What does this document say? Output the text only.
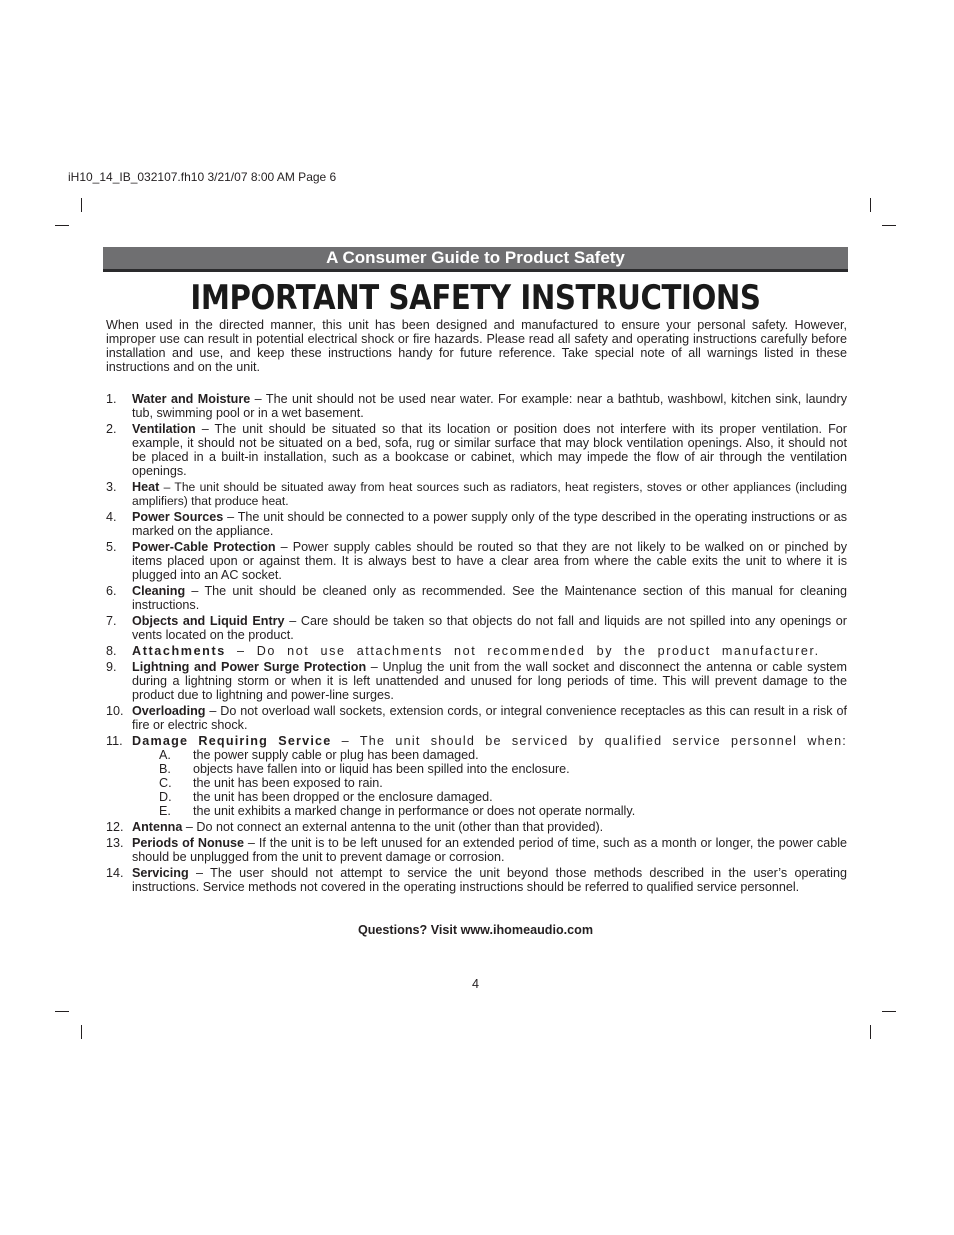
iH10_14_IB_032107.fh10 3/21/07 8:00 AM Page 6
A Consumer Guide to Product Safety
IMPORTANT SAFETY INSTRUCTIONS
When used in the directed manner, this unit has been designed and manufactured to ensure your personal safety. However, improper use can result in potential electrical shock or fire hazards. Please read all safety and operating instructions carefully before installation and use, and keep these instructions handy for future reference. Take special note of all warnings listed in these instructions and on the unit.
1. Water and Moisture – The unit should not be used near water. For example: near a bathtub, washbowl, kitchen sink, laundry tub, swimming pool or in a wet basement.
2. Ventilation – The unit should be situated so that its location or position does not interfere with its proper ventilation. For example, it should not be situated on a bed, sofa, rug or similar surface that may block ventilation openings. Also, it should not be placed in a built-in installation, such as a bookcase or cabinet, which may impede the flow of air through the ventilation openings.
3. Heat – The unit should be situated away from heat sources such as radiators, heat registers, stoves or other appliances (including amplifiers) that produce heat.
4. Power Sources – The unit should be connected to a power supply only of the type described in the operating instructions or as marked on the appliance.
5. Power-Cable Protection – Power supply cables should be routed so that they are not likely to be walked on or pinched by items placed upon or against them. It is always best to have a clear area from where the cable exits the unit to where it is plugged into an AC socket.
6. Cleaning – The unit should be cleaned only as recommended. See the Maintenance section of this manual for cleaning instructions.
7. Objects and Liquid Entry – Care should be taken so that objects do not fall and liquids are not spilled into any openings or vents located on the product.
8. Attachments – Do not use attachments not recommended by the product manufacturer.
9. Lightning and Power Surge Protection – Unplug the unit from the wall socket and disconnect the antenna or cable system during a lightning storm or when it is left unattended and unused for long periods of time. This will prevent damage to the product due to lightning and power-line surges.
10. Overloading – Do not overload wall sockets, extension cords, or integral convenience receptacles as this can result in a risk of fire or electric shock.
11. Damage Requiring Service – The unit should be serviced by qualified service personnel when:
A. the power supply cable or plug has been damaged.
B. objects have fallen into or liquid has been spilled into the enclosure.
C. the unit has been exposed to rain.
D. the unit has been dropped or the enclosure damaged.
E. the unit exhibits a marked change in performance or does not operate normally.
12. Antenna – Do not connect an external antenna to the unit (other than that provided).
13. Periods of Nonuse – If the unit is to be left unused for an extended period of time, such as a month or longer, the power cable should be unplugged from the unit to prevent damage or corrosion.
14. Servicing – The user should not attempt to service the unit beyond those methods described in the user’s operating instructions. Service methods not covered in the operating instructions should be referred to qualified service personnel.
Questions? Visit www.ihomeaudio.com
4
